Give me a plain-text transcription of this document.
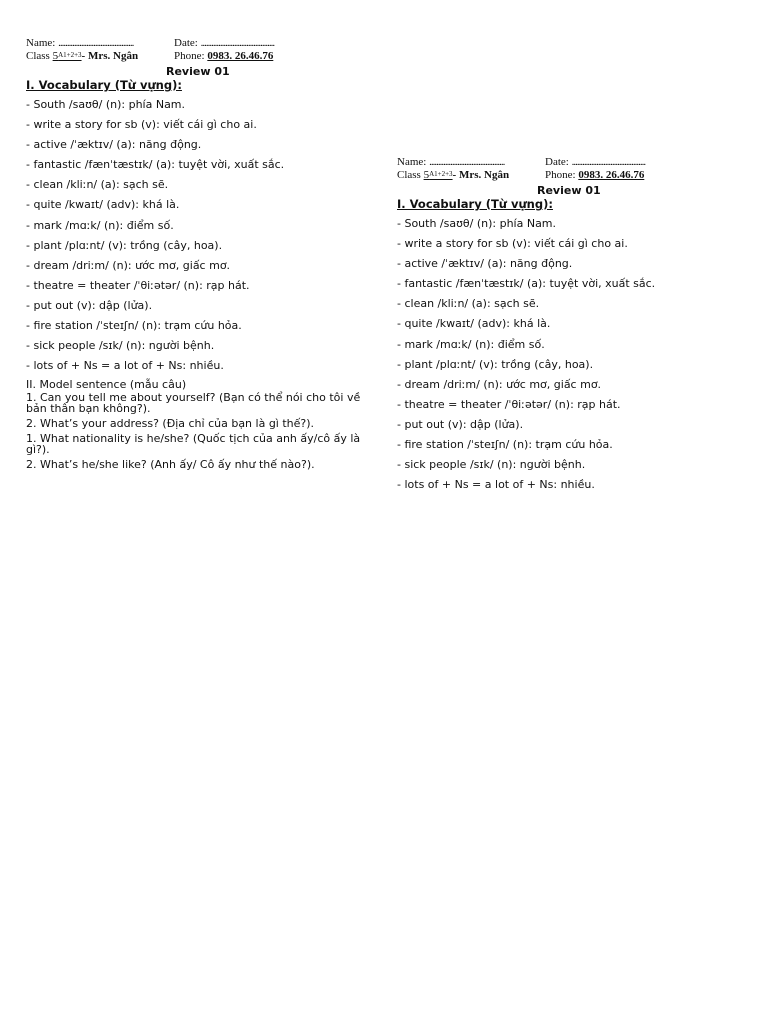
Name: ...........................................	Date: ..........................................
Class $5^{A1+2+3}-$ Mrs. Ngân	Phone: 0983. 26.46.76
Review 01
I. Vocabulary (Từ vựng):
- South /saʊθ/ (n): phía Nam.
- write a story for sb (v): viết cái gì cho ai.
- active /ˈæktɪv/ (a): năng động.
- fantastic /fænˈtæstɪk/ (a): tuyệt vời, xuất sắc.
- clean /kliːn/ (a): sạch sẽ.
- quite /kwaɪt/ (adv): khá là.
- mark /mɑːk/ (n): điểm số.
- plant /plɑːnt/ (v): trồng (cây, hoa).
- dream /driːm/ (n): ước mơ, giấc mơ.
- theatre = theater /ˈθiːətər/ (n): rạp hát.
- put out (v): dập (lửa).
- fire station /ˈsteɪʃn/ (n): trạm cứu hỏa.
- sick people /sɪk/ (n): người bệnh.
- lots of + Ns = a lot of + Ns: nhiều.
II. Model sentence (mẫu câu)
1. Can you tell me about yourself? (Bạn có thể nói cho tôi về bản thân bạn không?).
2. What’s your address? (Địa chỉ của bạn là gì thế?).
1. What nationality is he/she? (Quốc tịch của anh ấy/cô ấy là gì?).
2. What’s he/she like? (Anh ấy/ Cô ấy như thế nào?).
Name: ...........................................	Date: ..........................................
Class $5^{A1+2+3}-$ Mrs. Ngân	Phone: 0983. 26.46.76
Review 01
I. Vocabulary (Từ vựng):
- South /saʊθ/ (n): phía Nam.
- write a story for sb (v): viết cái gì cho ai.
- active /ˈæktɪv/ (a): năng động.
- fantastic /fænˈtæstɪk/ (a): tuyệt vời, xuất sắc.
- clean /kliːn/ (a): sạch sẽ.
- quite /kwaɪt/ (adv): khá là.
- mark /mɑːk/ (n): điểm số.
- plant /plɑːnt/ (v): trồng (cây, hoa).
- dream /driːm/ (n): ước mơ, giấc mơ.
- theatre = theater /ˈθiːətər/ (n): rạp hát.
- put out (v): dập (lửa).
- fire station /ˈsteɪʃn/ (n): trạm cứu hỏa.
- sick people /sɪk/ (n): người bệnh.
- lots of + Ns = a lot of + Ns: nhiều.
